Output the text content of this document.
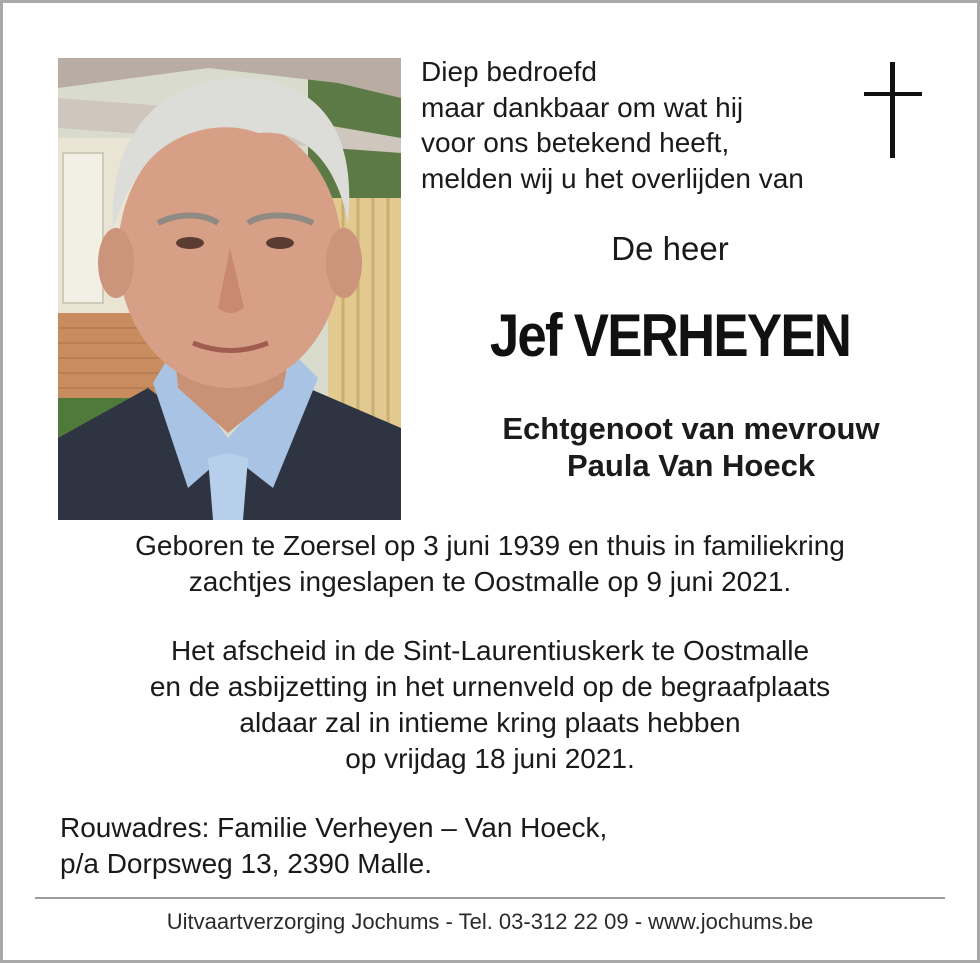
Diep bedroefd
maar dankbaar om wat hij
voor ons betekend heeft,
melden wij u het overlijden van
De heer
Jef VERHEYEN
Echtgenoot van mevrouw
Paula Van Hoeck
Geboren te Zoersel op 3 juni 1939 en thuis in familiekring
zachtjes ingeslapen te Oostmalle op 9 juni 2021.
Het afscheid in de Sint-Laurentiuskerk te Oostmalle
en de asbijzetting in het urnenveld op de begraafplaats
aldaar zal in intieme kring plaats hebben
op vrijdag 18 juni 2021.
Rouwadres: Familie Verheyen – Van Hoeck,
p/a Dorpsweg 13, 2390 Malle.
Uitvaartverzorging Jochums - Tel. 03-312 22 09 - www.jochums.be
